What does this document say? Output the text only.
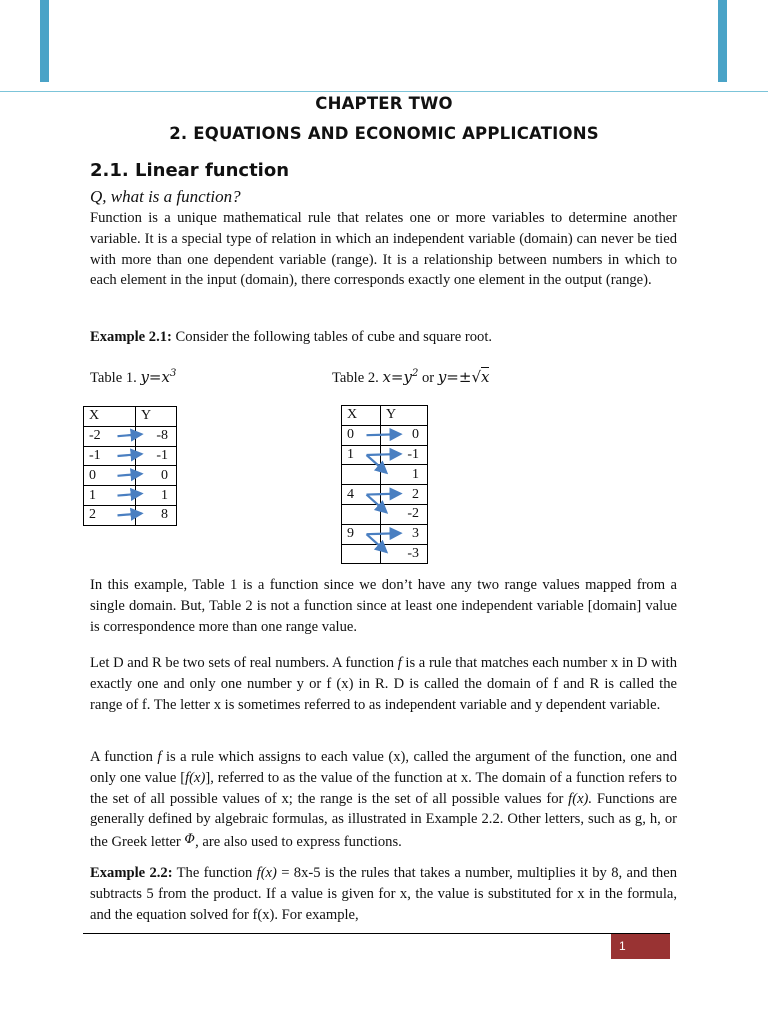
CHAPTER TWO
2. EQUATIONS AND ECONOMIC APPLICATIONS
2.1. Linear function
Q, what is a function?
Function is a unique mathematical rule that relates one or more variables to determine another variable. It is a special type of relation in which an independent variable (domain) can never be tied with more than one dependent variable (range). It is a relationship between numbers in which to each element in the input (domain), there corresponds exactly one element in the output (range).
Example 2.1: Consider the following tables of cube and square root.
Table 1. $y=x^3$	Table 2. $x=y^2$ or y=±√x
X	Y
-2	-8
-1	-1
0	0
1	1
2	8
X	Y
0	0
1	-1
	1
4	2
	-2
9	3
	-3
In this example, Table 1 is a function since we don’t have any two range values mapped from a single domain. But, Table 2 is not a function since at least one independent variable [domain] value is correspondence more than one range value.
Let D and R be two sets of real numbers. A function f is a rule that matches each number x in D with exactly one and only one number y or f (x) in R. D is called the domain of f and R is called the range of f. The letter x is sometimes referred to as independent variable and y dependent variable.
A function f is a rule which assigns to each value (x), called the argument of the function, one and only one value [f(x)], referred to as the value of the function at x. The domain of a function refers to the set of all possible values of x; the range is the set of all possible values for f(x). Functions are generally defined by algebraic formulas, as illustrated in Example 2.2. Other letters, such as g, h, or the Greek letter Φ, are also used to express functions.
Example 2.2: The function f(x) = 8x-5 is the rules that takes a number, multiplies it by 8, and then subtracts 5 from the product. If a value is given for x, the value is substituted for x in the formula, and the equation solved for f(x). For example,
1
